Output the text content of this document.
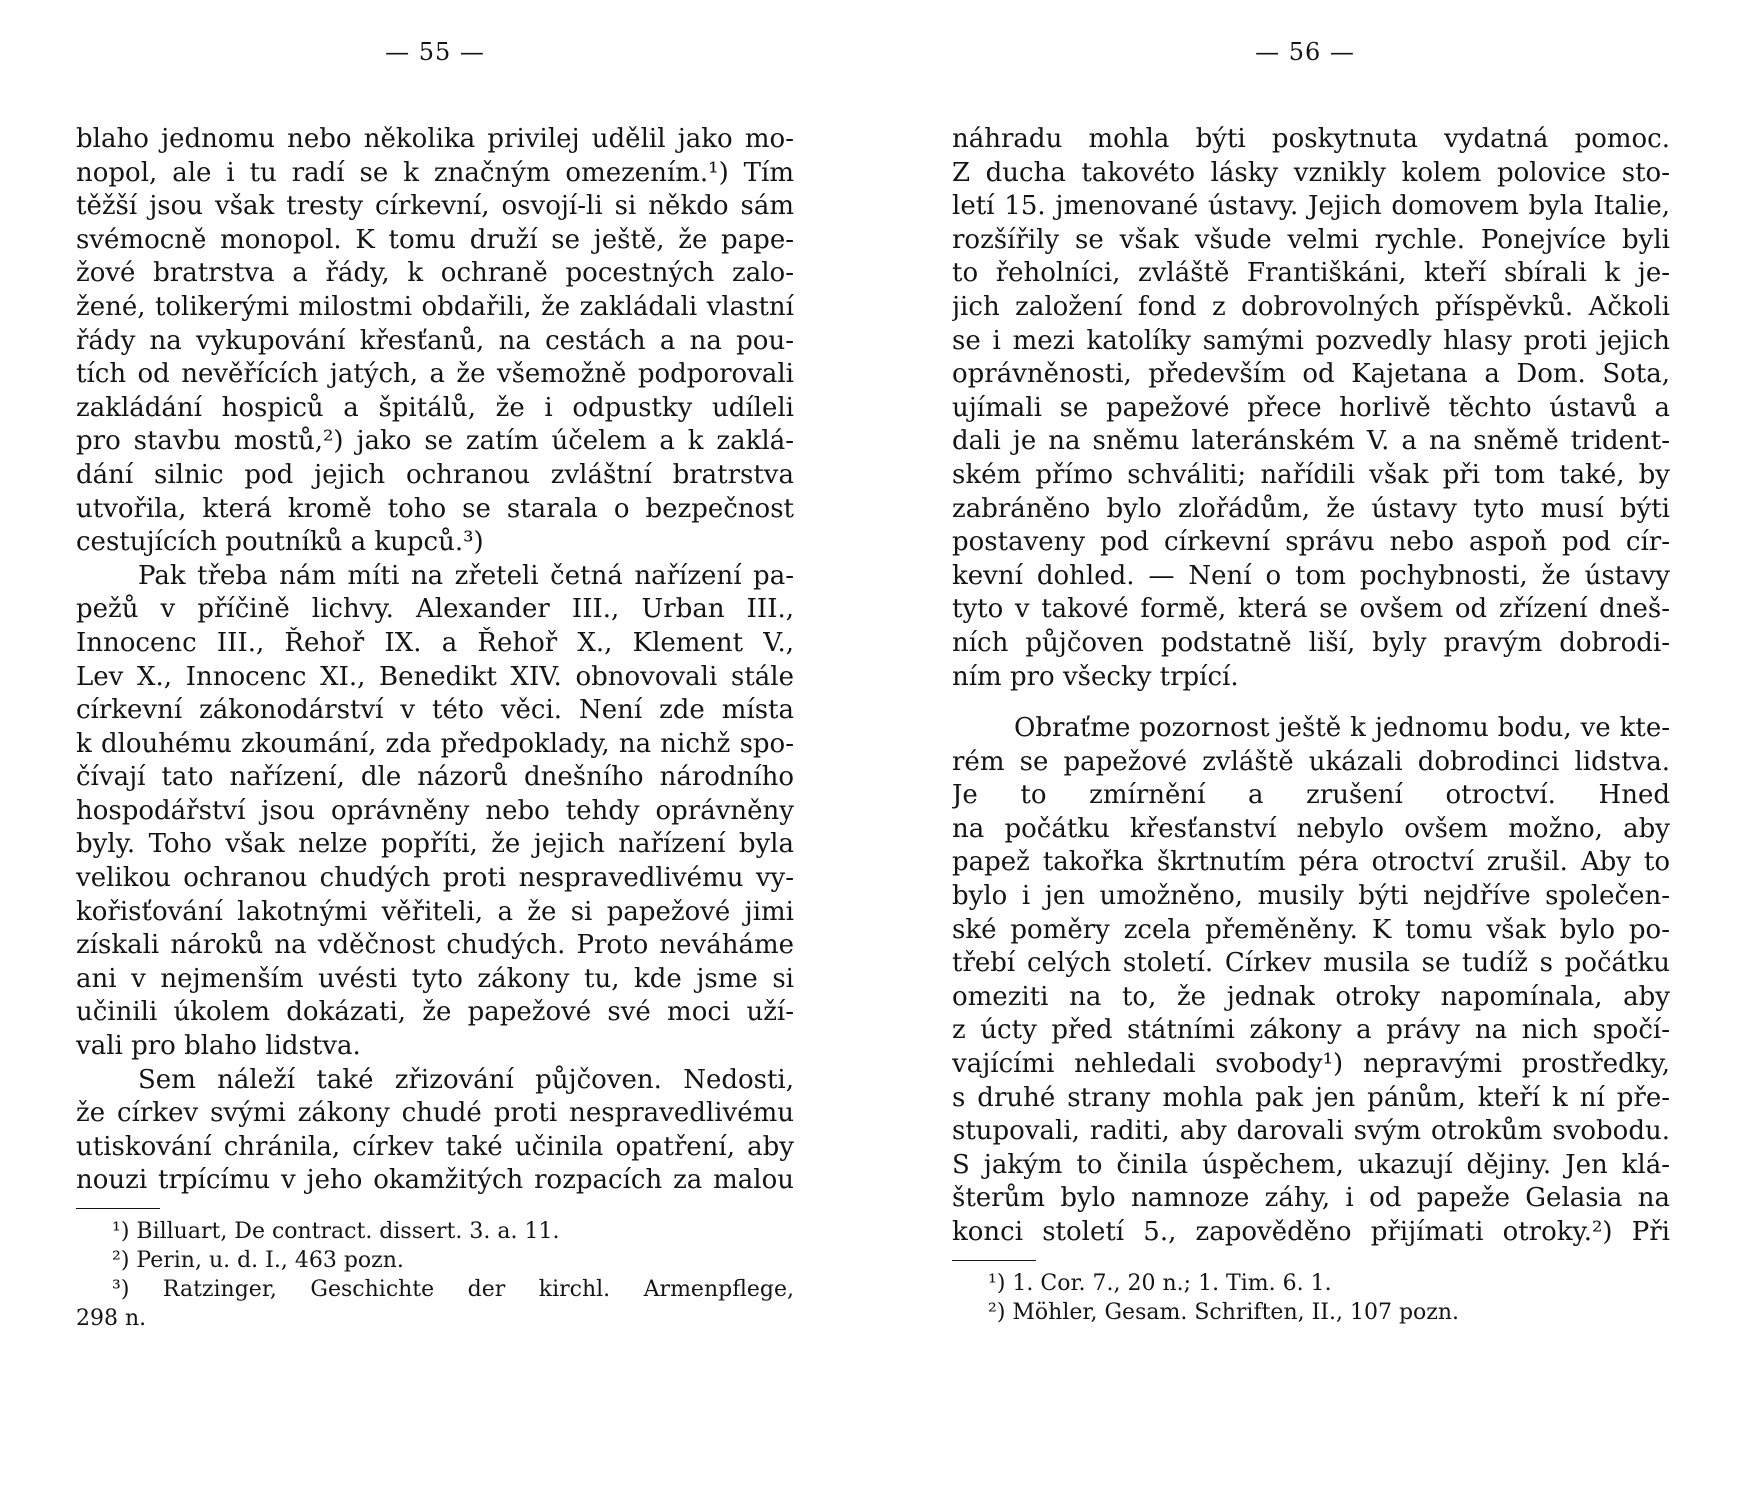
— 55 —
blaho jednomu nebo několika privilej udělil jako mo-
nopol, ale i tu radí se k značným omezením.¹) Tím
těžší jsou však tresty církevní, osvojí-li si někdo sám
svémocně monopol. K tomu druží se ještě, že pape-
žové bratrstva a řády, k ochraně pocestných zalo-
žené, tolikerými milostmi obdařili, že zakládali vlastní
řády na vykupování křesťanů, na cestách a na pou-
tích od nevěřících jatých, a že všemožně podporovali
zakládání hospiců a špitálů, že i odpustky udíleli
pro stavbu mostů,²) jako se zatím účelem a k zaklá-
dání silnic pod jejich ochranou zvláštní bratrstva
utvořila, která kromě toho se starala o bezpečnost
cestujících poutníků a kupců.³)
Pak třeba nám míti na zřeteli četná nařízení pa-
pežů v příčině lichvy. Alexander III., Urban III.,
Innocenc III., Řehoř IX. a Řehoř X., Klement V.,
Lev X., Innocenc XI., Benedikt XIV. obnovovali stále
církevní zákonodárství v této věci. Není zde místa
k dlouhému zkoumání, zda předpoklady, na nichž spo-
čívají tato nařízení, dle názorů dnešního národního
hospodářství jsou oprávněny nebo tehdy oprávněny
byly. Toho však nelze popříti, že jejich nařízení byla
velikou ochranou chudých proti nespravedlivému vy-
kořisťování lakotnými věřiteli, a že si papežové jimi
získali nároků na vděčnost chudých. Proto neváháme
ani v nejmenším uvésti tyto zákony tu, kde jsme si
učinili úkolem dokázati, že papežové své moci uží-
vali pro blaho lidstva.
Sem náleží také zřizování půjčoven. Nedosti,
že církev svými zákony chudé proti nespravedlivému
utiskování chránila, církev také učinila opatření, aby
nouzi trpícímu v jeho okamžitých rozpacích za malou
¹) Billuart, De contract. dissert. 3. a. 11.
²) Perin, u. d. I., 463 pozn.
³) Ratzinger, Geschichte der kirchl. Armenpflege,
298 n.
— 56 —
náhradu mohla býti poskytnuta vydatná pomoc.
Z ducha takovéto lásky vznikly kolem polovice sto-
letí 15. jmenované ústavy. Jejich domovem byla Italie,
rozšířily se však všude velmi rychle. Ponejvíce byli
to řeholníci, zvláště Františkáni, kteří sbírali k je-
jich založení fond z dobrovolných příspěvků. Ačkoli
se i mezi katolíky samými pozvedly hlasy proti jejich
oprávněnosti, především od Kajetana a Dom. Sota,
ujímali se papežové přece horlivě těchto ústavů a
dali je na sněmu lateránském V. a na sněmě trident-
ském přímo schváliti; nařídili však při tom také, by
zabráněno bylo zlořádům, že ústavy tyto musí býti
postaveny pod církevní správu nebo aspoň pod cír-
kevní dohled. — Není o tom pochybnosti, že ústavy
tyto v takové formě, která se ovšem od zřízení dneš-
ních půjčoven podstatně liší, byly pravým dobrodi-
ním pro všecky trpící.
Obraťme pozornost ještě k jednomu bodu, ve kte-
rém se papežové zvláště ukázali dobrodinci lidstva.
Je to zmírnění a zrušení otroctví. Hned
na počátku křesťanství nebylo ovšem možno, aby
papež takořka škrtnutím péra otroctví zrušil. Aby to
bylo i jen umožněno, musily býti nejdříve společen-
ské poměry zcela přeměněny. K tomu však bylo po-
třebí celých století. Církev musila se tudíž s počátku
omeziti na to, že jednak otroky napomínala, aby
z úcty před státními zákony a právy na nich spočí-
vajícími nehledali svobody¹) nepravými prostředky,
s druhé strany mohla pak jen pánům, kteří k ní pře-
stupovali, raditi, aby darovali svým otrokům svobodu.
S jakým to činila úspěchem, ukazují dějiny. Jen klá-
šterům bylo namnoze záhy, i od papeže Gelasia na
konci století 5., zapověděno přijímati otroky.²) Při
¹) 1. Cor. 7., 20 n.; 1. Tim. 6. 1.
²) Möhler, Gesam. Schriften, II., 107 pozn.
